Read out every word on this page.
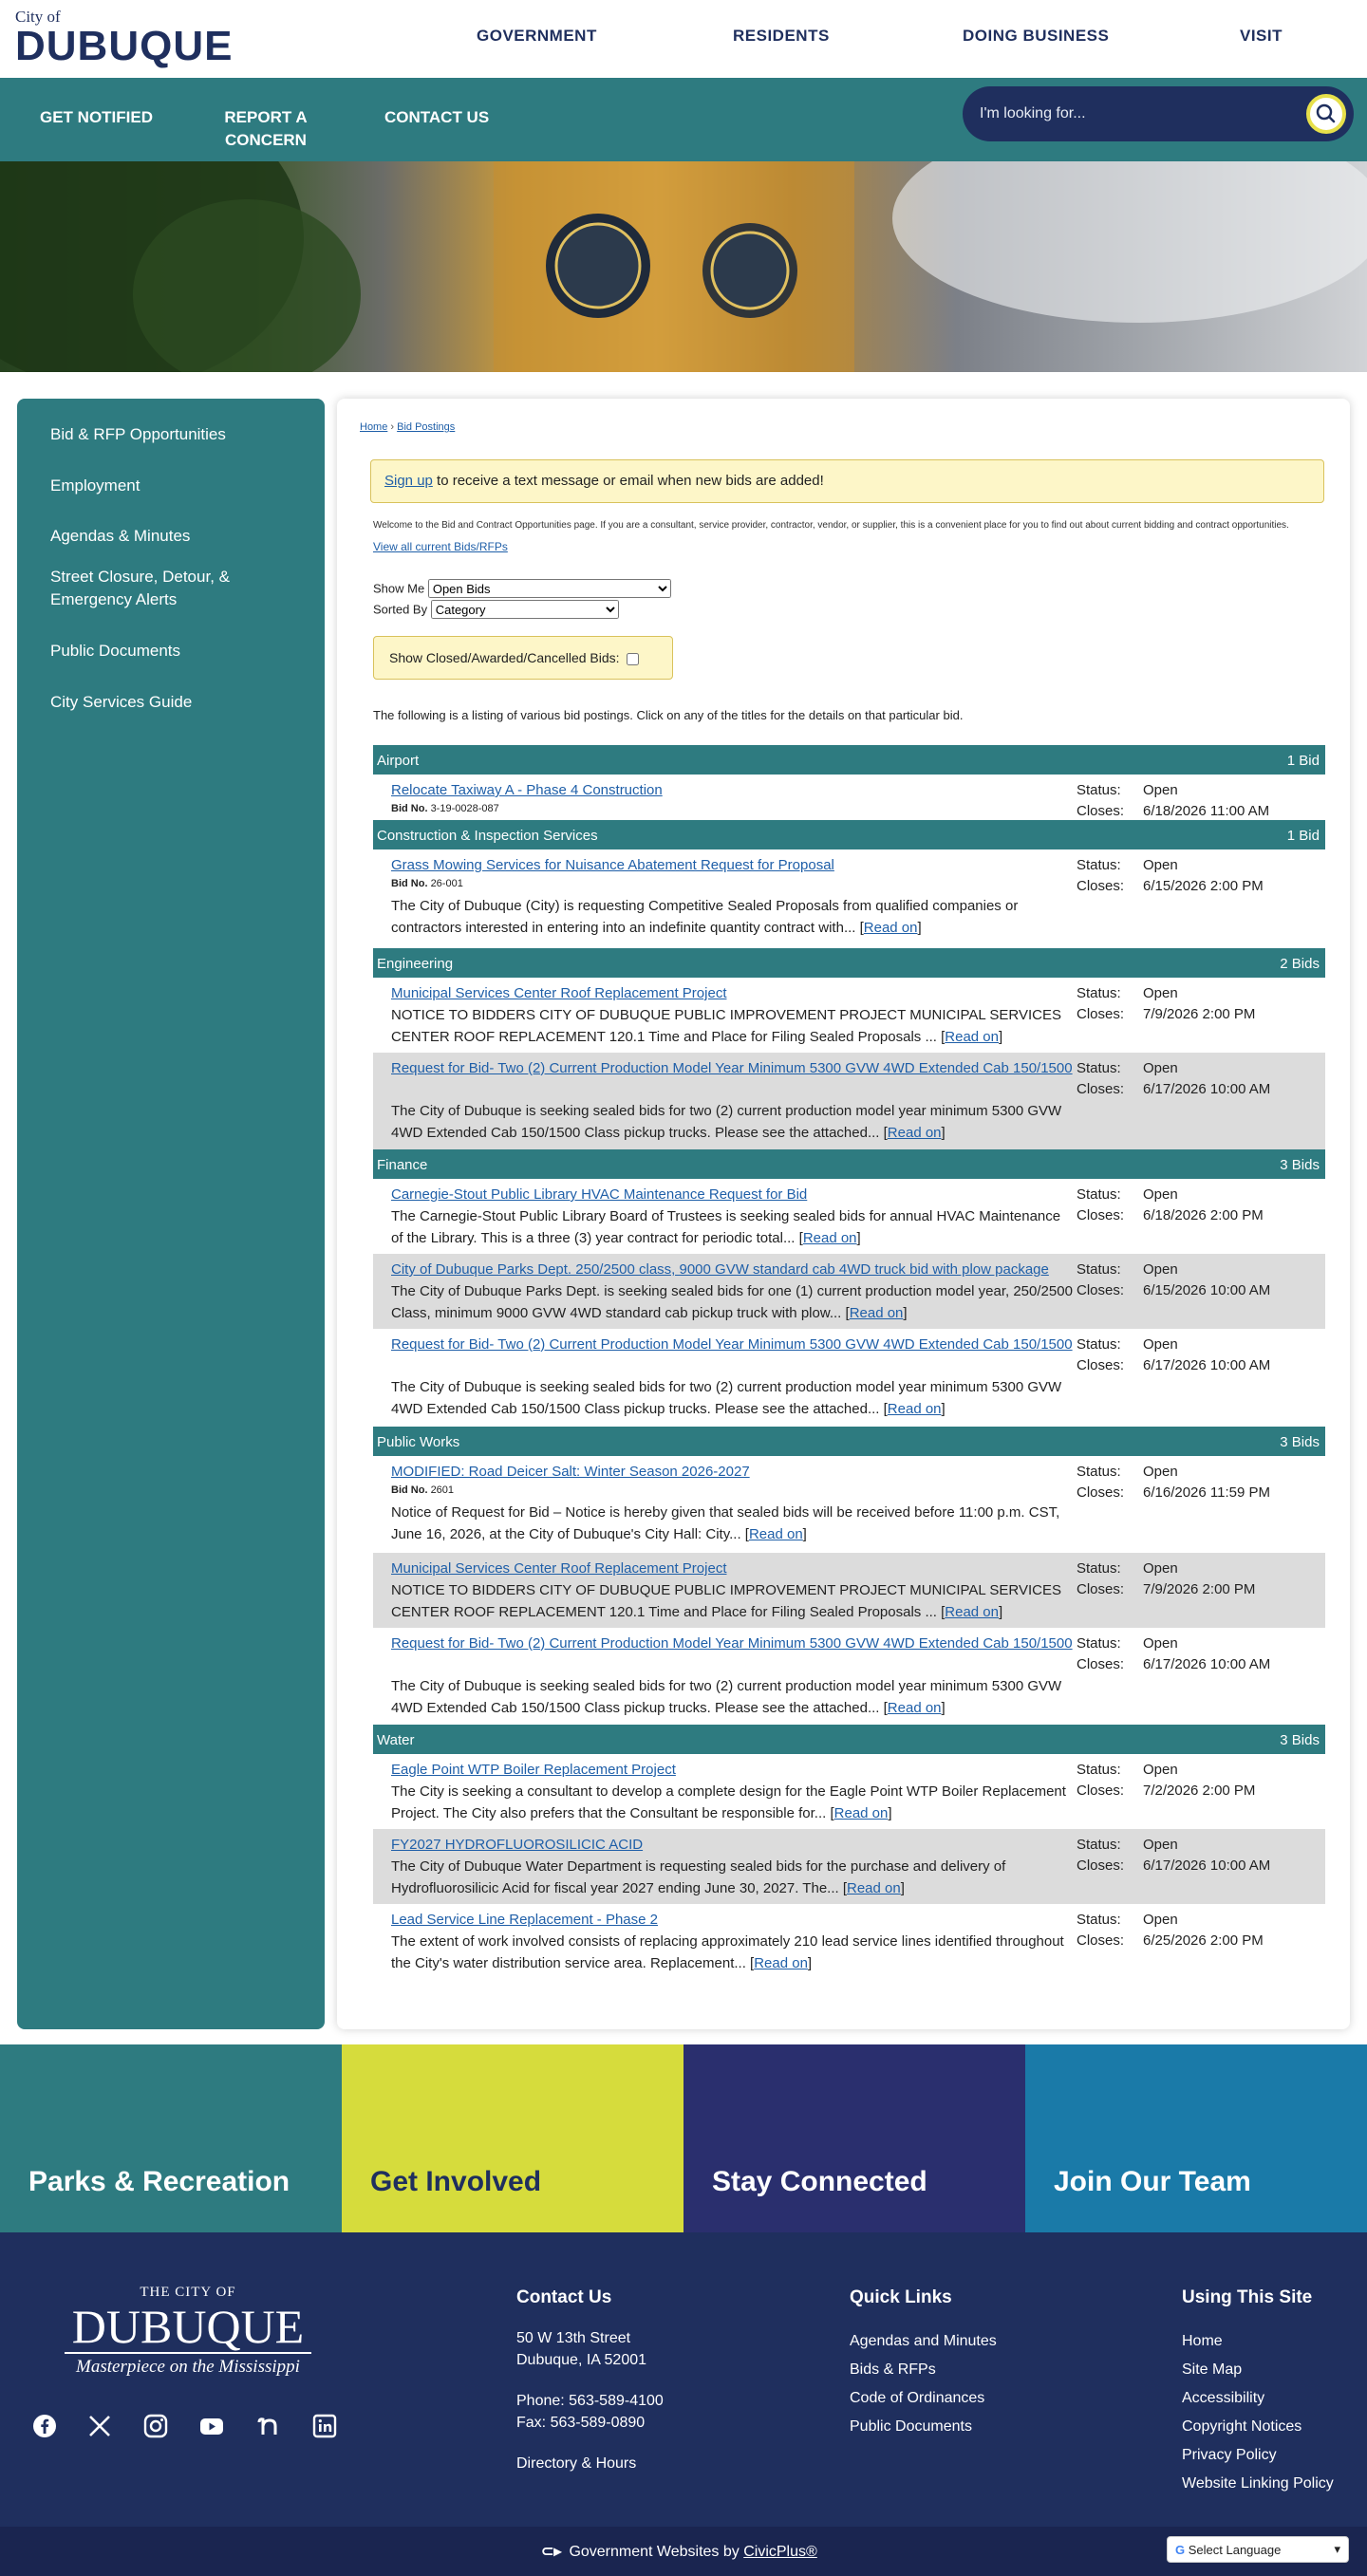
City of
DUBUQUE	GOVERNMENT	RESIDENTS	DOING BUSINESS	VISIT
GET NOTIFIED	REPORT A CONCERN
CONTACT US
I'm looking for...
Bid & RFP Opportunities
Employment
Agendas & Minutes
Street Closure, Detour, & Emergency Alerts
Public Documents
City Services Guide
Home › Bid Postings
Sign up to receive a text message or email when new bids are added!
Welcome to the Bid and Contract Opportunities page. If you are a consultant, service provider, contractor, vendor, or supplier, this is a convenient place for you to find out about current bidding and contract opportunities.
View all current Bids/RFPs
Show Me
Open Bids
Sorted By
Category
Show Closed/Awarded/Cancelled Bids:
The following is a listing of various bid postings. Click on any of the titles for the details on that particular bid.
Airport	1 Bid
Relocate Taxiway A - Phase 4 Construction
Bid No. 3-19-0028-087
Status: Open
Closes: 6/18/2026 11:00 AM
Construction & Inspection Services	1 Bid
Grass Mowing Services for Nuisance Abatement Request for Proposal
Bid No. 26-001
The City of Dubuque (City) is requesting Competitive Sealed Proposals from qualified companies or contractors interested in entering into an indefinite quantity contract with... [Read on]
Status: Open
Closes: 6/15/2026 2:00 PM
Engineering	2 Bids
Municipal Services Center Roof Replacement Project
NOTICE TO BIDDERS CITY OF DUBUQUE PUBLIC IMPROVEMENT PROJECT MUNICIPAL SERVICES CENTER ROOF REPLACEMENT 120.1 Time and Place for Filing Sealed Proposals ... [Read on]
Status: Open
Closes: 7/9/2026 2:00 PM
Request for Bid- Two (2) Current Production Model Year Minimum 5300 GVW 4WD Extended Cab 150/1500
The City of Dubuque is seeking sealed bids for two (2) current production model year minimum 5300 GVW 4WD Extended Cab 150/1500 Class pickup trucks. Please see the attached... [Read on]
Status: Open
Closes: 6/17/2026 10:00 AM
Finance	3 Bids
Carnegie-Stout Public Library HVAC Maintenance Request for Bid
The Carnegie-Stout Public Library Board of Trustees is seeking sealed bids for annual HVAC Maintenance of the Library. This is a three (3) year contract for periodic total... [Read on]
Status: Open
Closes: 6/18/2026 2:00 PM
City of Dubuque Parks Dept. 250/2500 class, 9000 GVW standard cab 4WD truck bid with plow package
The City of Dubuque Parks Dept. is seeking sealed bids for one (1) current production model year, 250/2500 Class, minimum 9000 GVW 4WD standard cab pickup truck with plow... [Read on]
Status: Open
Closes: 6/15/2026 10:00 AM
Request for Bid- Two (2) Current Production Model Year Minimum 5300 GVW 4WD Extended Cab 150/1500
The City of Dubuque is seeking sealed bids for two (2) current production model year minimum 5300 GVW 4WD Extended Cab 150/1500 Class pickup trucks. Please see the attached... [Read on]
Status: Open
Closes: 6/17/2026 10:00 AM
Public Works	3 Bids
MODIFIED: Road Deicer Salt: Winter Season 2026-2027
Bid No. 2601
Notice of Request for Bid – Notice is hereby given that sealed bids will be received before 11:00 p.m. CST, June 16, 2026, at the City of Dubuque's City Hall: City... [Read on]
Status: Open
Closes: 6/16/2026 11:59 PM
Municipal Services Center Roof Replacement Project
NOTICE TO BIDDERS CITY OF DUBUQUE PUBLIC IMPROVEMENT PROJECT MUNICIPAL SERVICES CENTER ROOF REPLACEMENT 120.1 Time and Place for Filing Sealed Proposals ... [Read on]
Status: Open
Closes: 7/9/2026 2:00 PM
Request for Bid- Two (2) Current Production Model Year Minimum 5300 GVW 4WD Extended Cab 150/1500
The City of Dubuque is seeking sealed bids for two (2) current production model year minimum 5300 GVW 4WD Extended Cab 150/1500 Class pickup trucks. Please see the attached... [Read on]
Status: Open
Closes: 6/17/2026 10:00 AM
Water	3 Bids
Eagle Point WTP Boiler Replacement Project
The City is seeking a consultant to develop a complete design for the Eagle Point WTP Boiler Replacement Project. The City also prefers that the Consultant be responsible for... [Read on]
Status: Open
Closes: 7/2/2026 2:00 PM
FY2027 HYDROFLUOROSILICIC ACID
The City of Dubuque Water Department is requesting sealed bids for the purchase and delivery of Hydrofluorosilicic Acid for fiscal year 2027 ending June 30, 2027. The... [Read on]
Status: Open
Closes: 6/17/2026 10:00 AM
Lead Service Line Replacement - Phase 2
The extent of work involved consists of replacing approximately 210 lead service lines identified throughout the City's water distribution service area. Replacement... [Read on]
Status: Open
Closes: 6/25/2026 2:00 PM
Parks & Recreation	Get Involved	Stay Connected	Join Our Team
THE CITY OF
DUBUQUE
Masterpiece on the Mississippi
Contact Us
50 W 13th Street
Dubuque, IA 52001
Phone: 563-589-4100
Fax: 563-589-0890
Directory & Hours
Quick Links
Agendas and Minutes
Bids & RFPs
Code of Ordinances
Public Documents
Using This Site
Home
Site Map
Accessibility
Copyright Notices
Privacy Policy
Website Linking Policy
⊂▸ Government Websites by CivicPlus®	G Select Language	▾
